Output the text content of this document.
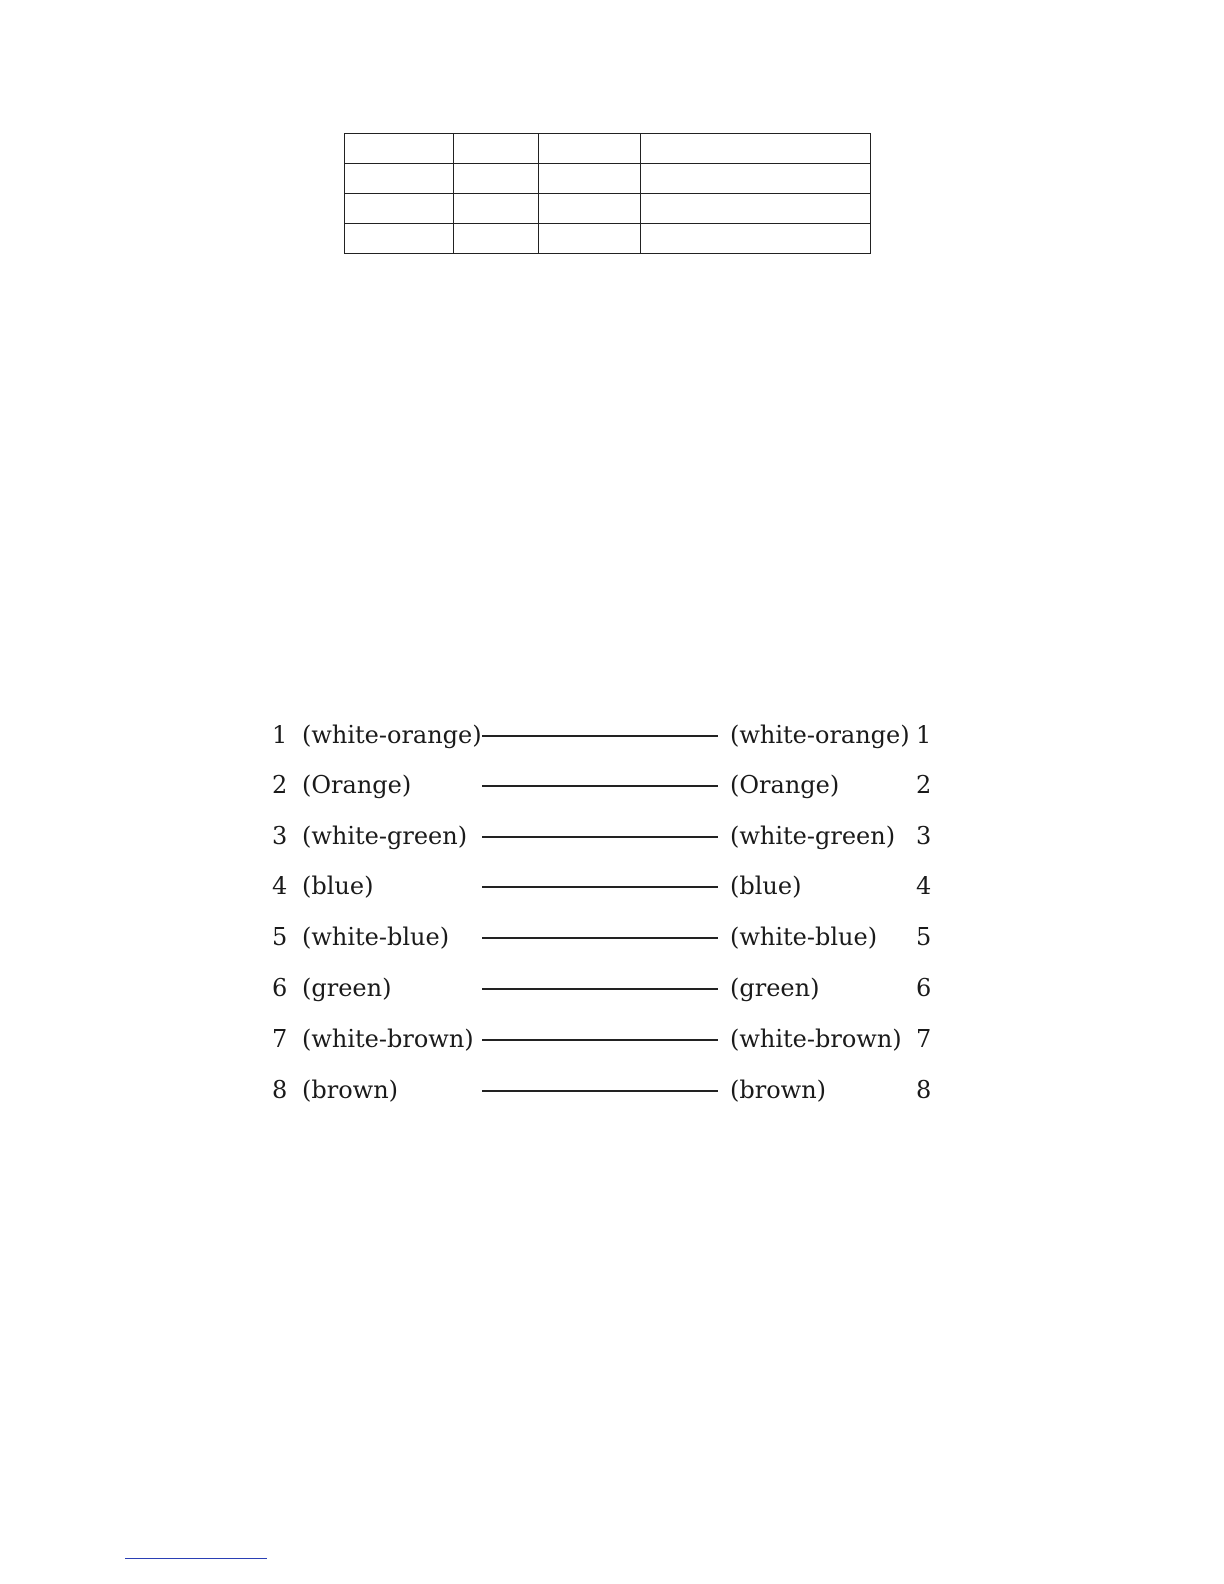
1 (white-orange)	(white-orange) 1
2 (Orange)	(Orange)	2
3 (white-green)	(white-green) 3
4 (blue)	(blue)	4
5 (white-blue)	(white-blue) 5
6 (green)	(green)	6
7 (white-brown)	(white-brown) 7
8 (brown)	(brown)	8
